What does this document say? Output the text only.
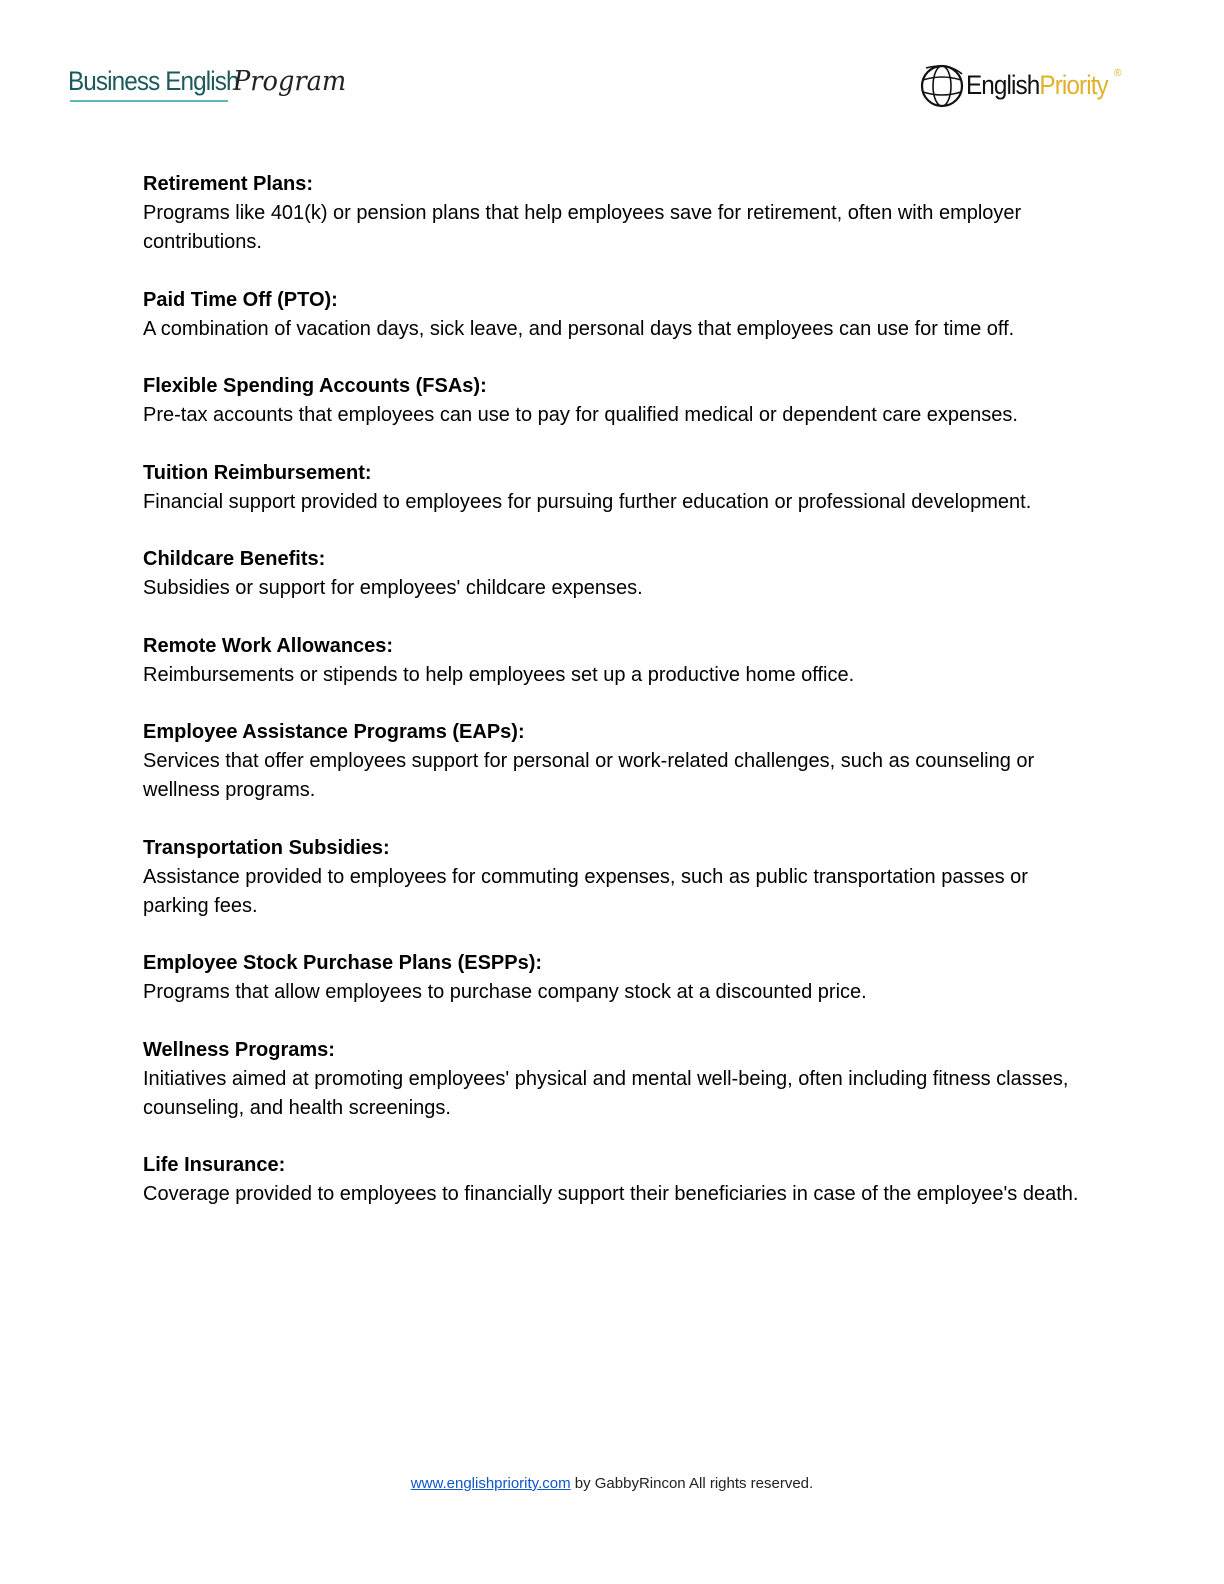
Business English
Program	EnglishPriority ®

Retirement Plans:

Programs like 401(k) or pension plans that help employees save for retirement, often with employer contributions.

Paid Time Off (PTO):

A combination of vacation days, sick leave, and personal days that employees can use for time off.

Flexible Spending Accounts (FSAs):

Pre-tax accounts that employees can use to pay for qualified medical or dependent care expenses.

Tuition Reimbursement:

Financial support provided to employees for pursuing further education or professional development.

Childcare Benefits:

Subsidies or support for employees' childcare expenses.

Remote Work Allowances:

Reimbursements or stipends to help employees set up a productive home office.

Employee Assistance Programs (EAPs):

Services that offer employees support for personal or work-related challenges, such as counseling or wellness programs.

Transportation Subsidies:

Assistance provided to employees for commuting expenses, such as public transportation passes or parking fees.

Employee Stock Purchase Plans (ESPPs):

Programs that allow employees to purchase company stock at a discounted price.

Wellness Programs:

Initiatives aimed at promoting employees' physical and mental well-being, often including fitness classes, counseling, and health screenings.

Life Insurance:

Coverage provided to employees to financially support their beneficiaries in case of the employee's death.

www.englishpriority.com by GabbyRincon All rights reserved.
